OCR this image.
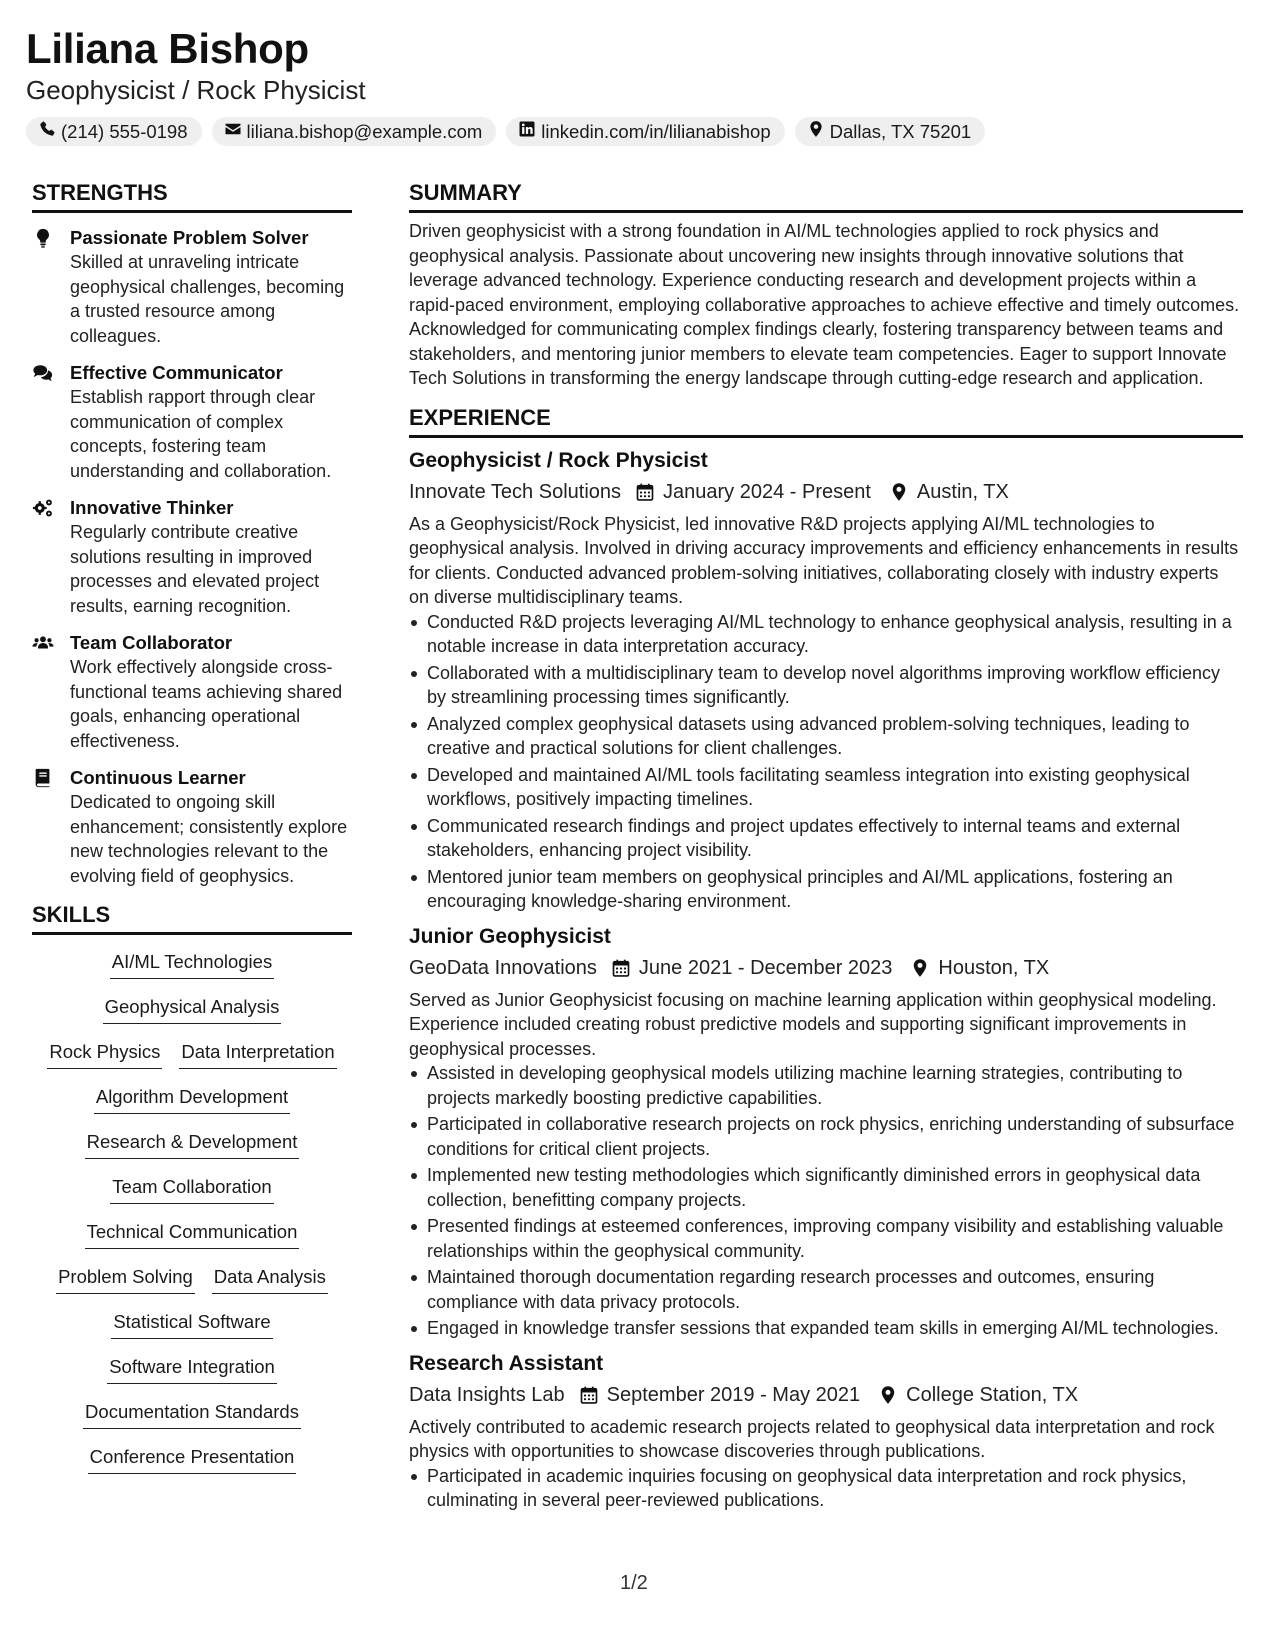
Liliana Bishop
Geophysicist / Rock Physicist
(214) 555-0198	liliana.bishop@example.com	linkedin.com/in/lilianabishop	Dallas, TX 75201
STRENGTHS
Passionate Problem Solver
Skilled at unraveling intricate geophysical challenges, becoming a trusted resource among colleagues.
Effective Communicator
Establish rapport through clear communication of complex concepts, fostering team understanding and collaboration.
Innovative Thinker
Regularly contribute creative solutions resulting in improved processes and elevated project results, earning recognition.
Team Collaborator
Work effectively alongside cross-functional teams achieving shared goals, enhancing operational effectiveness.
Continuous Learner
Dedicated to ongoing skill enhancement; consistently explore new technologies relevant to the evolving field of geophysics.
SKILLS
AI/ML Technologies
Geophysical Analysis
Rock Physics Data Interpretation
Algorithm Development
Research & Development
Team Collaboration
Technical Communication
Problem Solving Data Analysis
Statistical Software
Software Integration
Documentation Standards
Conference Presentation
SUMMARY
Driven geophysicist with a strong foundation in AI/ML technologies applied to rock physics and geophysical analysis. Passionate about uncovering new insights through innovative solutions that leverage advanced technology. Experience conducting research and development projects within a rapid-paced environment, employing collaborative approaches to achieve effective and timely outcomes. Acknowledged for communicating complex findings clearly, fostering transparency between teams and stakeholders, and mentoring junior members to elevate team competencies. Eager to support Innovate Tech Solutions in transforming the energy landscape through cutting-edge research and application.
EXPERIENCE
Geophysicist / Rock Physicist
Innovate Tech Solutions January 2024 - Present Austin, TX
As a Geophysicist/Rock Physicist, led innovative R&D projects applying AI/ML technologies to geophysical analysis. Involved in driving accuracy improvements and efficiency enhancements in results for clients. Conducted advanced problem-solving initiatives, collaborating closely with industry experts on diverse multidisciplinary teams.
Conducted R&D projects leveraging AI/ML technology to enhance geophysical analysis, resulting in a notable increase in data interpretation accuracy.
Collaborated with a multidisciplinary team to develop novel algorithms improving workflow efficiency by streamlining processing times significantly.
Analyzed complex geophysical datasets using advanced problem-solving techniques, leading to creative and practical solutions for client challenges.
Developed and maintained AI/ML tools facilitating seamless integration into existing geophysical workflows, positively impacting timelines.
Communicated research findings and project updates effectively to internal teams and external stakeholders, enhancing project visibility.
Mentored junior team members on geophysical principles and AI/ML applications, fostering an encouraging knowledge-sharing environment.
Junior Geophysicist
GeoData Innovations June 2021 - December 2023 Houston, TX
Served as Junior Geophysicist focusing on machine learning application within geophysical modeling. Experience included creating robust predictive models and supporting significant improvements in geophysical processes.
Assisted in developing geophysical models utilizing machine learning strategies, contributing to projects markedly boosting predictive capabilities.
Participated in collaborative research projects on rock physics, enriching understanding of subsurface conditions for critical client projects.
Implemented new testing methodologies which significantly diminished errors in geophysical data collection, benefitting company projects.
Presented findings at esteemed conferences, improving company visibility and establishing valuable relationships within the geophysical community.
Maintained thorough documentation regarding research processes and outcomes, ensuring compliance with data privacy protocols.
Engaged in knowledge transfer sessions that expanded team skills in emerging AI/ML technologies.
Research Assistant
Data Insights Lab September 2019 - May 2021 College Station, TX
Actively contributed to academic research projects related to geophysical data interpretation and rock physics with opportunities to showcase discoveries through publications.
Participated in academic inquiries focusing on geophysical data interpretation and rock physics, culminating in several peer-reviewed publications.
1/2
